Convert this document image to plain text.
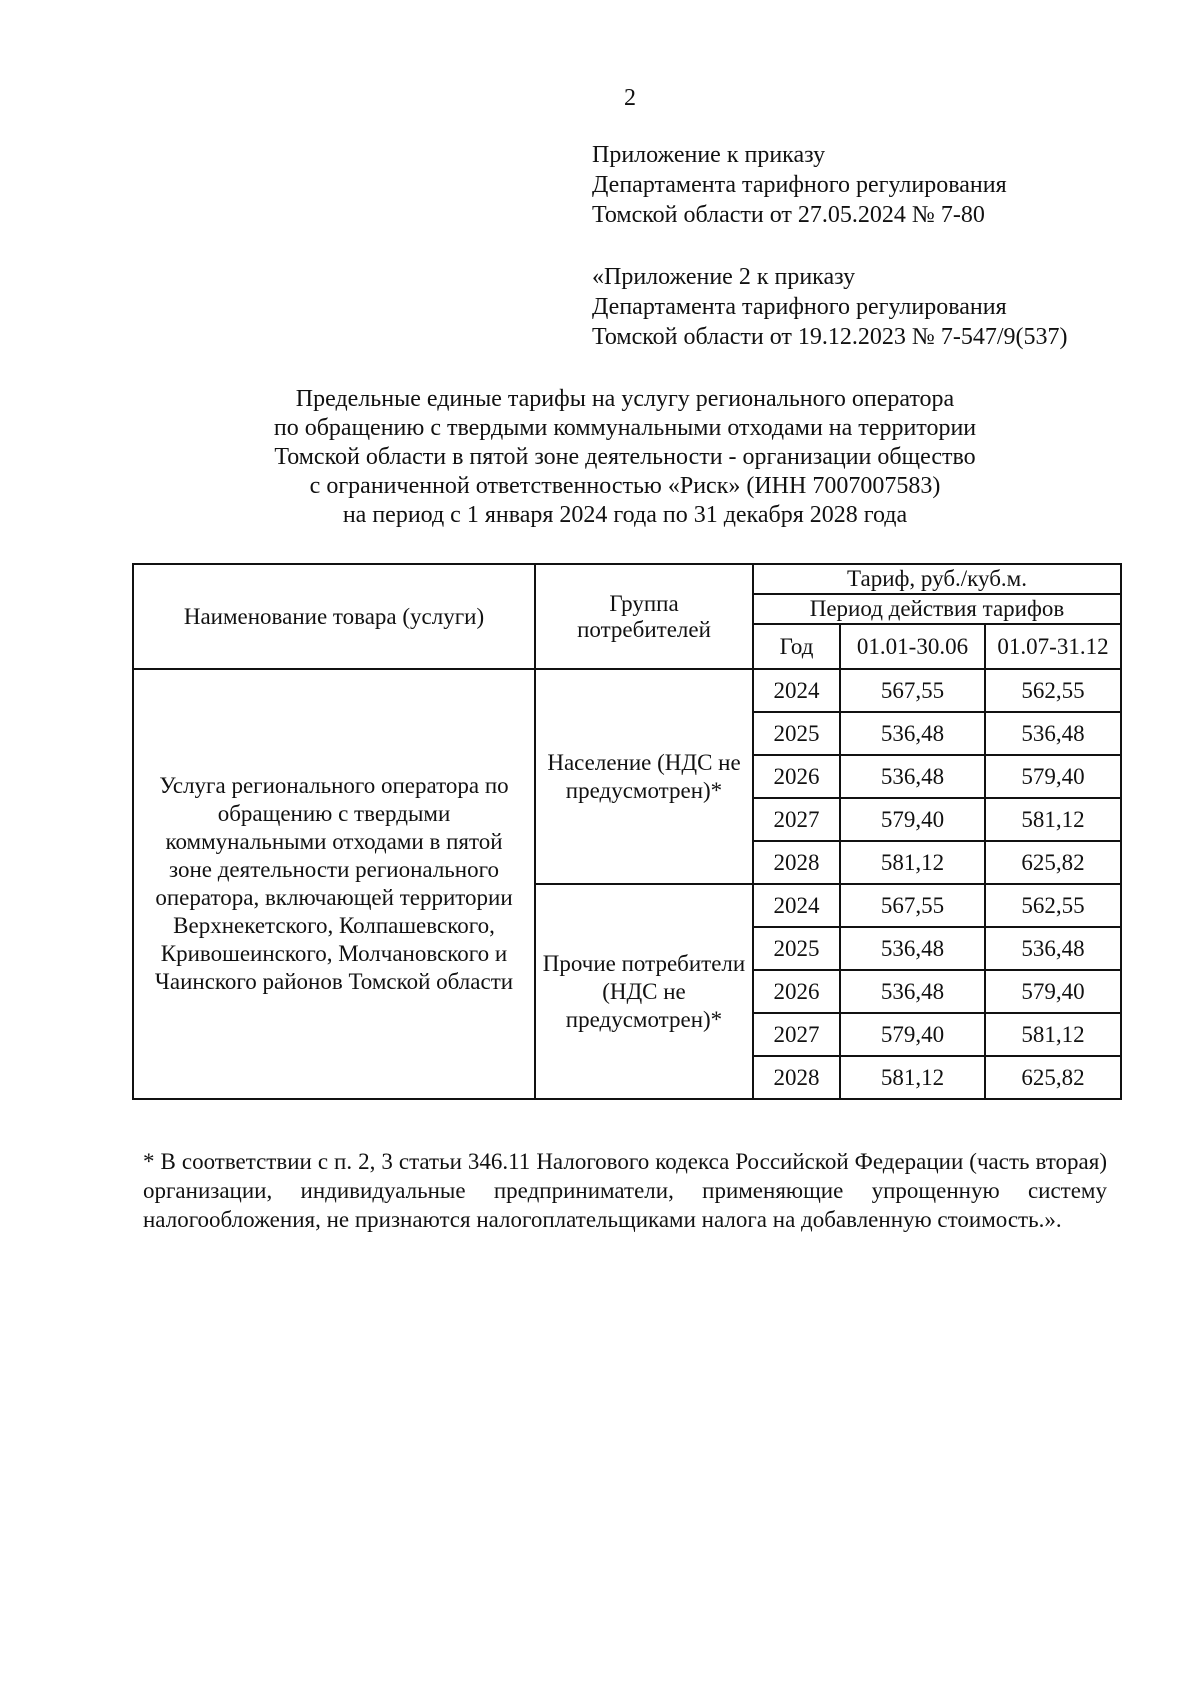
2
Приложение к приказу
Департамента тарифного регулирования
Томской области от 27.05.2024 № 7-80
«Приложение 2 к приказу
Департамента тарифного регулирования
Томской области от 19.12.2023 № 7-547/9(537)
Предельные единые тарифы на услугу регионального оператора
по обращению с твердыми коммунальными отходами на территории
Томской области в пятой зоне деятельности - организации общество
с ограниченной ответственностью «Риск» (ИНН 7007007583)
на период с 1 января 2024 года по 31 декабря 2028 года
Наименование товара (услуги)	Группа потребителей	Тариф, руб./куб.м.		
		Период действия тарифов		
		Год	01.01-30.06	01.07-31.12
Услуга регионального оператора по обращению с твердыми коммунальными отходами в пятой зоне деятельности регионального оператора, включающей территории Верхнекетского, Колпашевского, Кривошеинского, Молчановского и Чаинского районов Томской области	Население (НДС не предусмотрен)*	2024	567,55	562,55
		2025	536,48	536,48
		2026	536,48	579,40
		2027	579,40	581,12
		2028	581,12	625,82
	Прочие потребители (НДС не предусмотрен)*	2024	567,55	562,55
		2025	536,48	536,48
		2026	536,48	579,40
		2027	579,40	581,12
		2028	581,12	625,82
* В соответствии с п. 2, 3 статьи 346.11 Налогового кодекса Российской Федерации (часть вторая) организации, индивидуальные предприниматели, применяющие упрощенную систему налогообложения, не признаются налогоплательщиками налога на добавленную стоимость.».
